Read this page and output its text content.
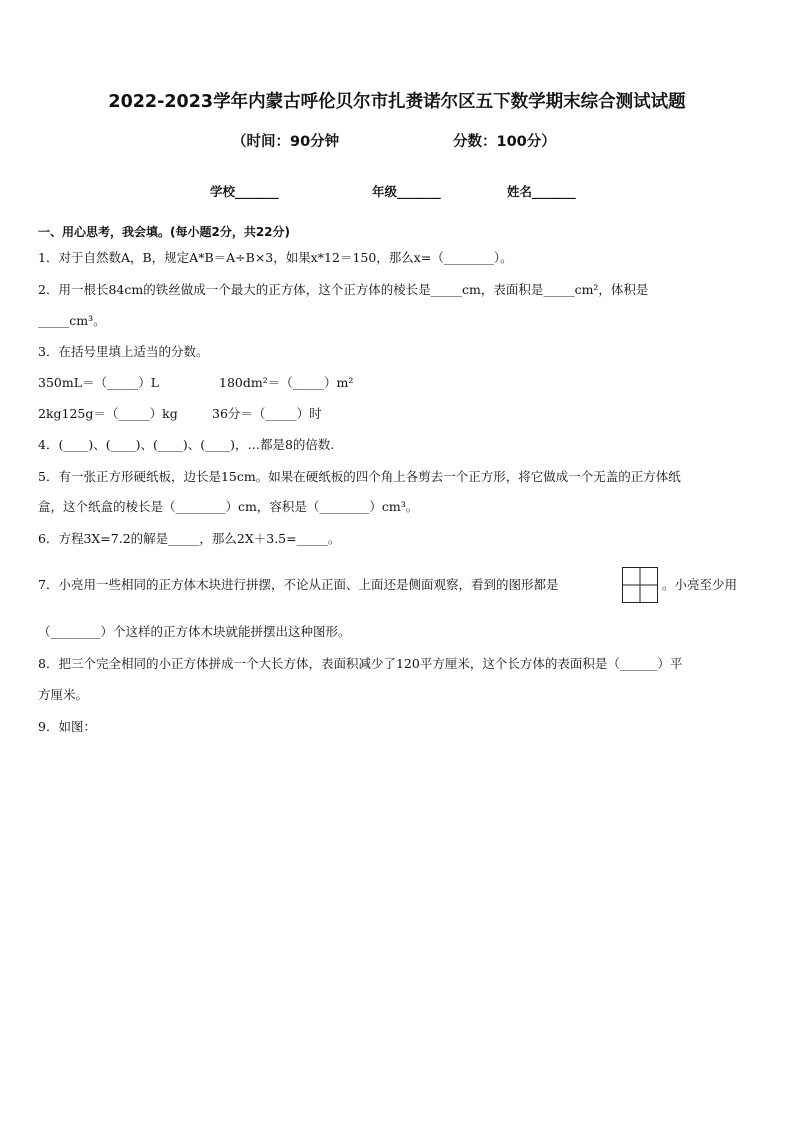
2022-2023学年内蒙古呼伦贝尔市扎赉诺尔区五下数学期末综合测试试题
（时间：90分钟	分数：100分）
学校_______	年级_______	姓名_______
一、用心思考，我会填。(每小题2分，共22分)
1．对于自然数A，B，规定A*B＝A÷B×3，如果x*12＝150，那么x=（________）。
2．用一根长84cm的铁丝做成一个最大的正方体，这个正方体的棱长是_____cm，表面积是_____cm²，体积是
_____cm³。
3．在括号里填上适当的分数。
350mL＝（_____）L	180dm²＝（_____）m²
2kg125g＝（_____）kg	36分＝（_____）时
4．(____)、(____)、(____)、(____)，…都是8的倍数.
5．有一张正方形硬纸板，边长是15cm。如果在硬纸板的四个角上各剪去一个正方形，将它做成一个无盖的正方体纸
盒，这个纸盒的棱长是（________）cm，容积是（________）cm³。
6．方程3X=7.2的解是_____，那么2X＋3.5=_____。
7．小亮用一些相同的正方体木块进行拼摆，不论从正面、上面还是侧面观察，看到的图形都是	。小亮至少用
（________）个这样的正方体木块就能拼摆出这种图形。
8．把三个完全相同的小正方体拼成一个大长方体，表面积减少了120平方厘米，这个长方体的表面积是（______）平
方厘米。
9．如图：
